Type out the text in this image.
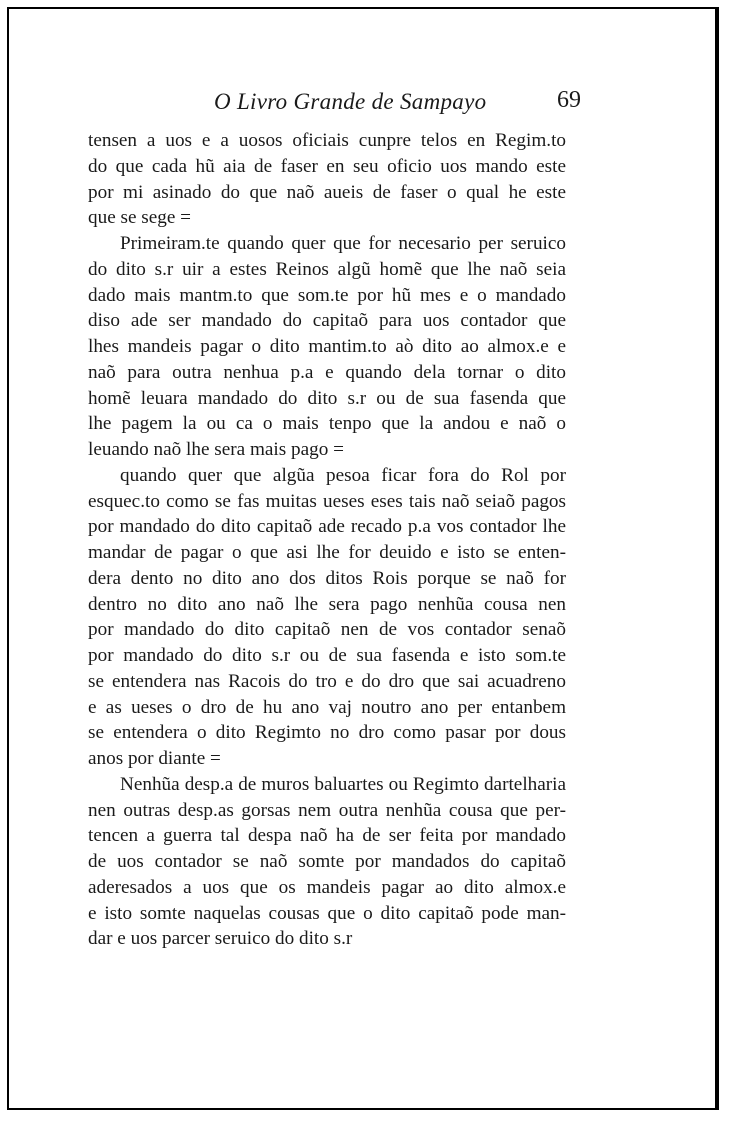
O Livro Grande de Sampayo	69
tensen a uos e a uosos oficiais cunpre telos en Regim.to
do que cada hũ aia de faser en seu oficio uos mando este
por mi asinado do que naõ aueis de faser o qual he este
que se sege =
Primeiram.te quando quer que for necesario per seruico
do dito s.r uir a estes Reinos algũ homẽ que lhe naõ seia
dado mais mantm.to que som.te por hũ mes e o mandado
diso ade ser mandado do capitaõ para uos contador que
lhes mandeis pagar o dito mantim.to aò dito ao almox.e e
naõ para outra nenhua p.a e quando dela tornar o dito
homẽ leuara mandado do dito s.r ou de sua fasenda que
lhe pagem la ou ca o mais tenpo que la andou e naõ o
leuando naõ lhe sera mais pago =
quando quer que algũa pesoa ficar fora do Rol por
esquec.to como se fas muitas ueses eses tais naõ seiaõ pagos
por mandado do dito capitaõ ade recado p.a vos contador lhe
mandar de pagar o que asi lhe for deuido e isto se enten-
dera dento no dito ano dos ditos Rois porque se naõ for
dentro no dito ano naõ lhe sera pago nenhũa cousa nen
por mandado do dito capitaõ nen de vos contador senaõ
por mandado do dito s.r ou de sua fasenda e isto som.te
se entendera nas Racois do tro e do dro que sai acuadreno
e as ueses o dro de hu ano vaj noutro ano per entanbem
se entendera o dito Regimto no dro como pasar por dous
anos por diante =
Nenhũa desp.a de muros baluartes ou Regimto dartelharia
nen outras desp.as gorsas nem outra nenhũa cousa que per-
tencen a guerra tal despa naõ ha de ser feita por mandado
de uos contador se naõ somte por mandados do capitaõ
aderesados a uos que os mandeis pagar ao dito almox.e
e isto somte naquelas cousas que o dito capitaõ pode man-
dar e uos parcer seruico do dito s.r
